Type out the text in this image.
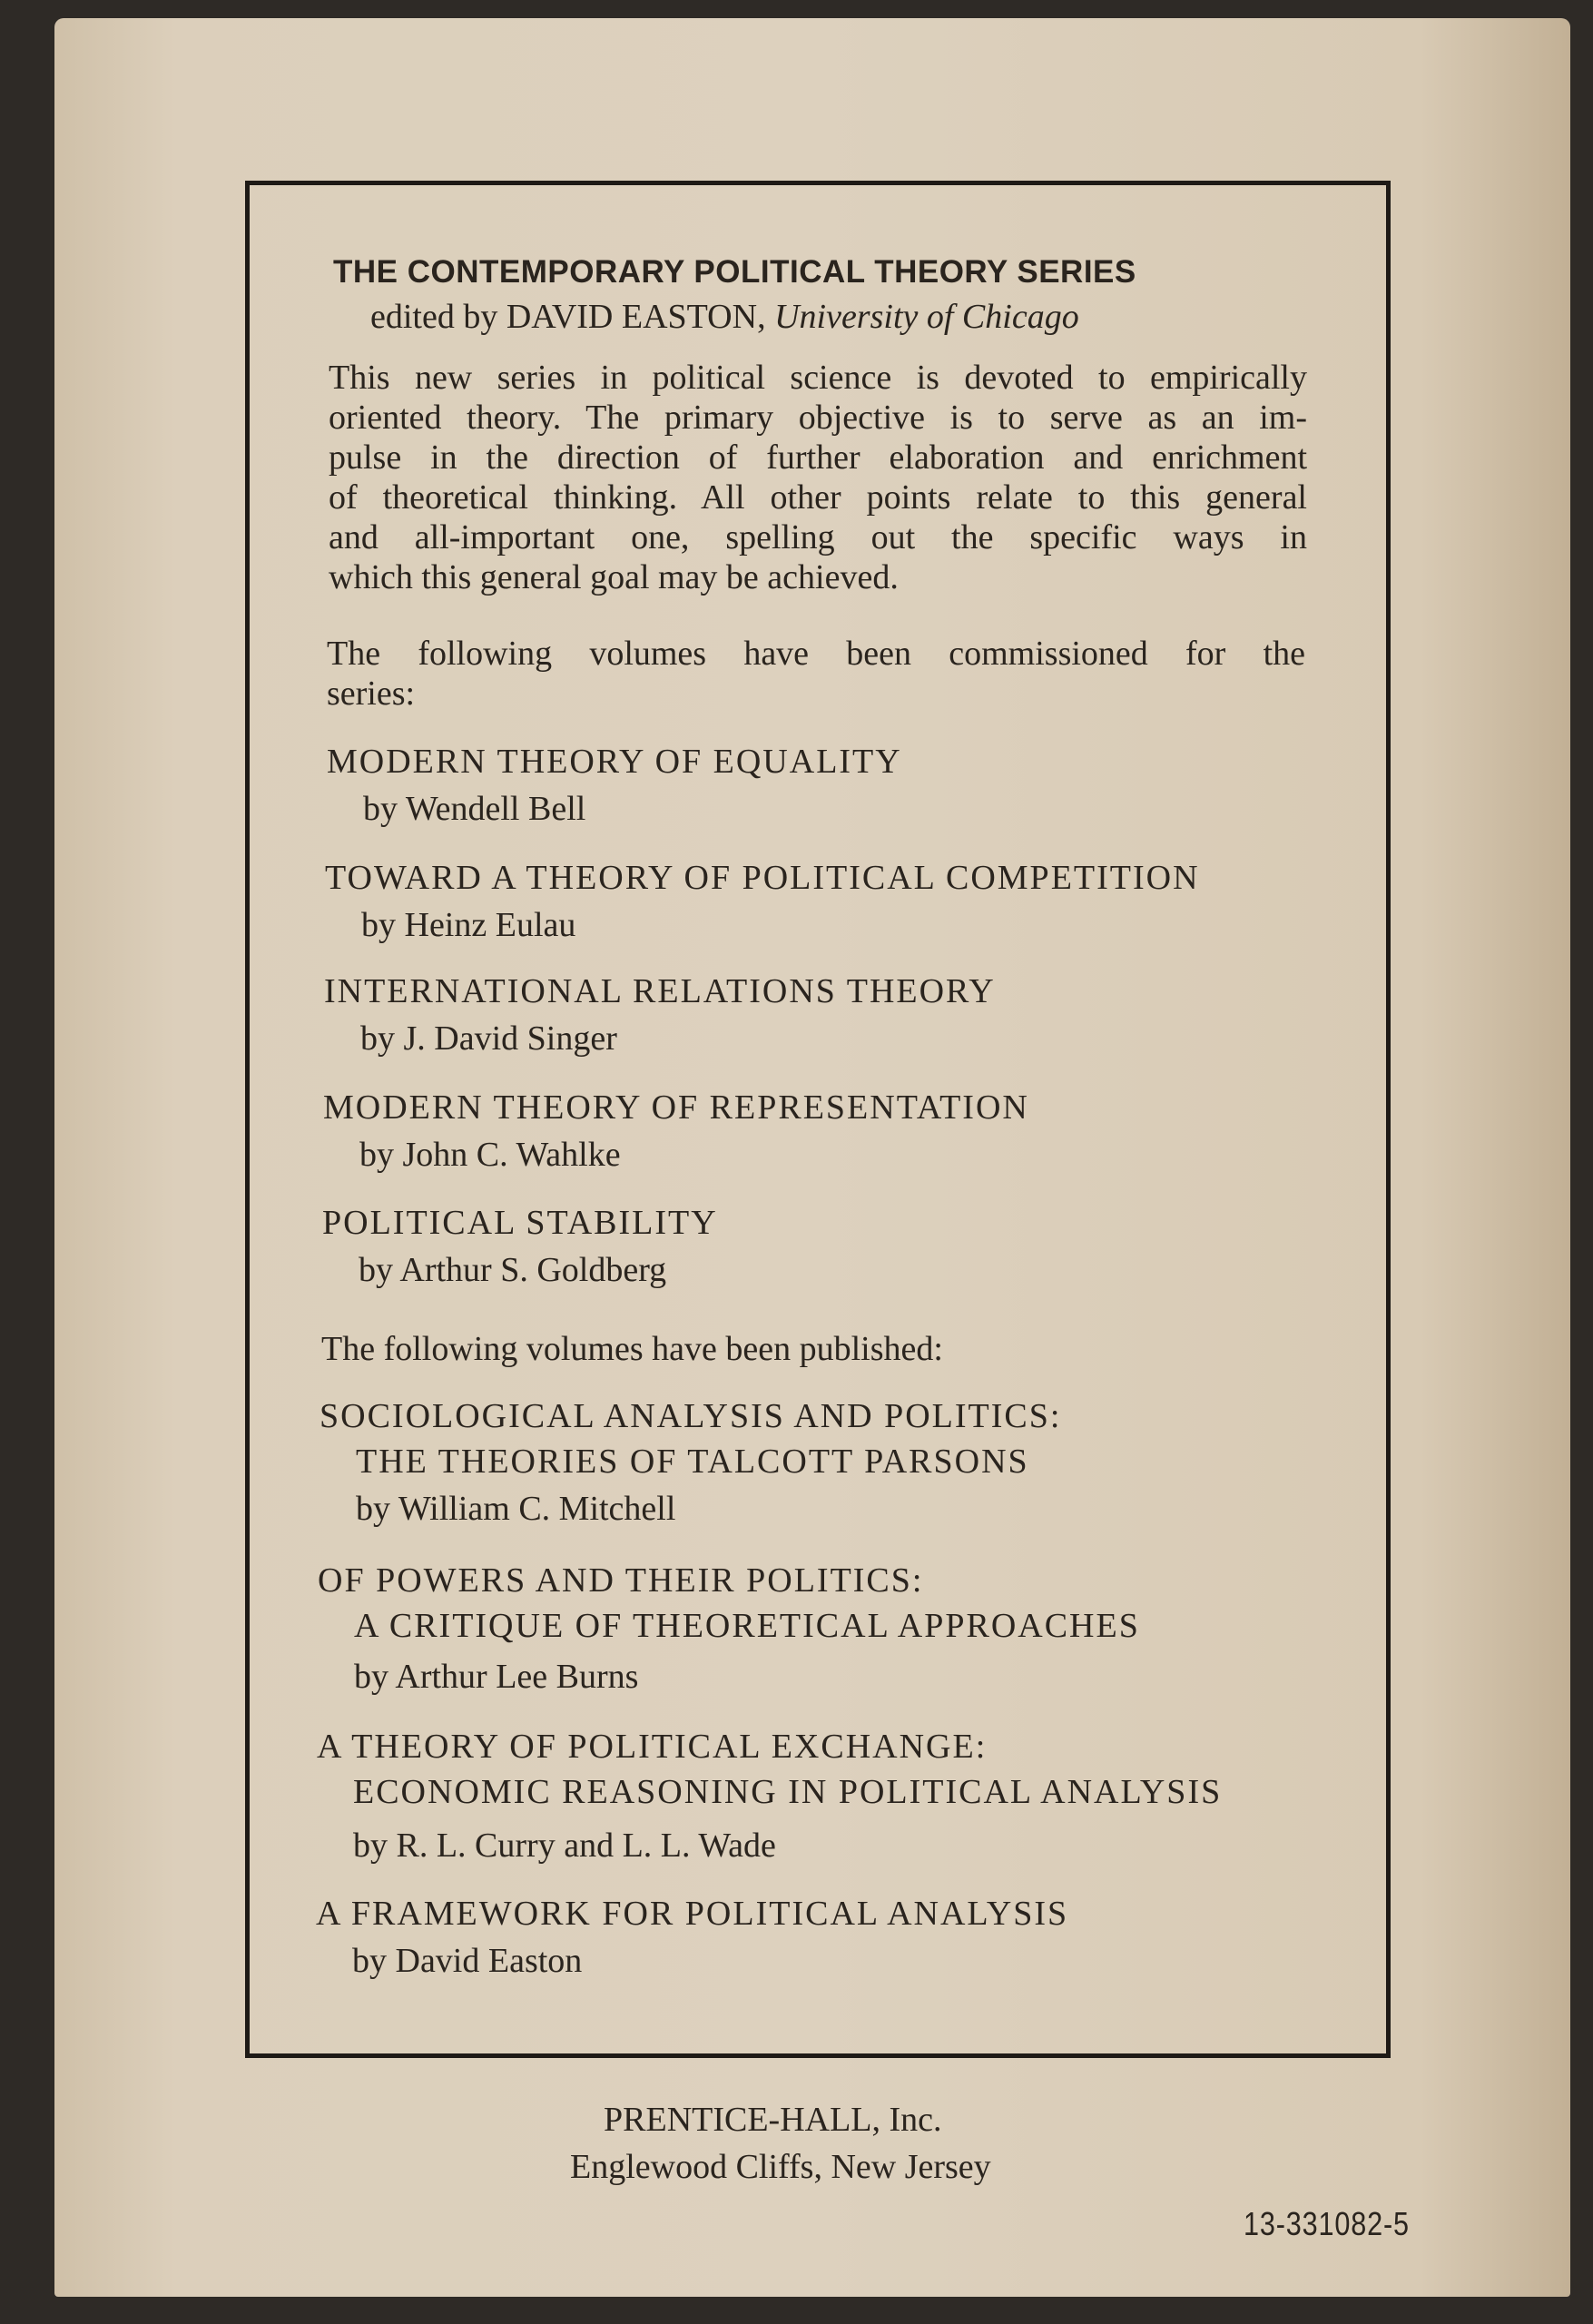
THE CONTEMPORARY POLITICAL THEORY SERIES
edited by DAVID EASTON, University of Chicago
This new series in political science is devoted to empirically
oriented theory. The primary objective is to serve as an im-
pulse in the direction of further elaboration and enrichment
of theoretical thinking. All other points relate to this general
and all-important one, spelling out the specific ways in
which this general goal may be achieved.
The following volumes have been commissioned for the
series:
MODERN THEORY OF EQUALITY
by Wendell Bell
TOWARD A THEORY OF POLITICAL COMPETITION
by Heinz Eulau
INTERNATIONAL RELATIONS THEORY
by J. David Singer
MODERN THEORY OF REPRESENTATION
by John C. Wahlke
POLITICAL STABILITY
by Arthur S. Goldberg
The following volumes have been published:
SOCIOLOGICAL ANALYSIS AND POLITICS:
THE THEORIES OF TALCOTT PARSONS
by William C. Mitchell
OF POWERS AND THEIR POLITICS:
A CRITIQUE OF THEORETICAL APPROACHES
by Arthur Lee Burns
A THEORY OF POLITICAL EXCHANGE:
ECONOMIC REASONING IN POLITICAL ANALYSIS
by R. L. Curry and L. L. Wade
A FRAMEWORK FOR POLITICAL ANALYSIS
by David Easton
PRENTICE-HALL, Inc.
Englewood Cliffs, New Jersey
13-331082-5
